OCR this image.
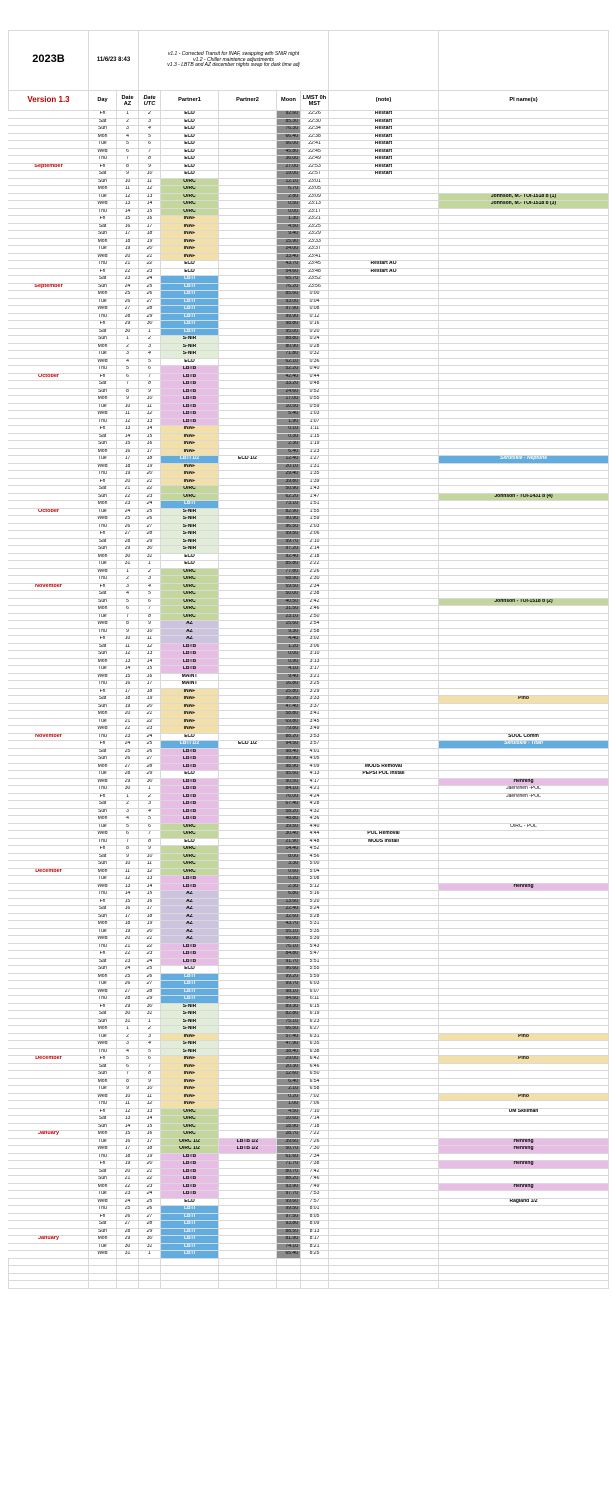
2023B	11/6/23 8:43		v1.1 - Corrected Transit for INAF, swapping with SNIR night
v1.2 - Chiller maintence adjustments
v1.3 - LBTB and AZ december nights swap for dark time adj						

Version 1.3	Day	Date AZ	Date UTC	Partner1	Partner2	Moon	LMST 0h MST	(note)	PI name(s)
	Fri	1	2	ECD		92.60	22:26	Restart	
	Sat	2	3	ECD		85.30	22:30	Restart	
	Sun	3	4	ECD		76.30	22:34	Restart	
	Mon	4	5	ECD		66.40	22:38	Restart	
	Tue	5	6	ECD		56.00	22:41	Restart	
	Wed	6	7	ECD		45.80	22:45	Restart	
	Thu	7	8	ECD		36.00	22:49	Restart	
September	Fri	8	9	ECD		27.00	22:53	Restart	
	Sat	9	10	ECD		19.00	22:57	Restart	
	Sun	10	11	O/RC		12.10	23:01		
	Mon	11	12	O/RC		6.70	23:05		
	Tue	12	13	O/RC		2.80	23:09		Johnson, M.- TOI-1518 b (1)
	Wed	13	14	O/RC		0.50	23:13		Johnson, M.- TOI-1518 b (3)
	Thu	14	15	O/RC		0.00	23:17		
	Fri	15	16	INAF		1.30	23:21		
	Sat	16	17	INAF		4.50	23:25		
	Sun	17	18	INAF		9.40	23:29		
	Mon	18	19	INAF		15.90	23:33		
	Tue	19	20	INAF		24.00	23:37		
	Wed	20	21	INAF		33.40	23:41		
	Thu	21	22	ECD		43.70	23:45	Restart AO	
	Fri	22	23	ECD		54.60	23:48	Restart AO	
	Sat	23	24	LBTI		65.70	23:52		
September	Sun	24	25	LBTI		76.20	23:56		
	Mon	25	26	LBTI		85.60	0:00		
	Tue	26	27	LBTI		93.00	0:04		
	Wed	27	28	LBTI		97.90	0:08		
	Thu	28	29	LBTI		99.90	0:12		
	Fri	29	30	LBTI		98.80	0:16		
	Sat	30	1	LBTI		95.00	0:20		
	Sun	1	2	S-NIR		88.80	0:24		
	Mon	2	3	S-NIR		80.90	0:28		
	Tue	3	4	S-NIR		71.80	0:32		
	Wed	4	5	ECD		62.10	0:36		
	Thu	5	6	LBTB		52.20	0:40		
October	Fri	6	7	LBTB		42.40	0:44		
	Sat	7	8	LBTB		33.20	0:48		
	Sun	8	9	LBTB		24.60	0:52		
	Mon	9	10	LBTB		17.00	0:55		
	Tue	10	11	LBTB		10.50	0:59		
	Wed	11	12	LBTB		5.40	1:03		
	Thu	12	13	LBTB		1.90	1:07		
	Fri	13	14	INAF		0.10	1:11		
	Sat	14	15	INAF		0.30	1:15		
	Sun	15	16	INAF		2.30	1:19		
	Mon	16	17	INAF		6.40	1:23		
	Tue	17	18	LBTI 1/2	ECD 1/2	12.40	1:27		Skrutskie - Neptune
	Wed	18	19	INAF		20.10	1:31		
	Thu	19	20	INAF		29.40	1:35		
	Fri	20	21	INAF		39.80	1:39		
	Sat	21	22	O/RC		50.90	1:43		
	Sun	22	23	O/RC		62.20	1:47		Johnson - TOI-1431 b (4)
	Mon	23	24	LBTI		73.10	1:51		
October	Tue	24	25	S-NIR		82.90	1:55		
	Wed	25	26	S-NIR		90.90	1:59		
	Thu	26	27	S-NIR		96.50	2:03		
	Fri	27	28	S-NIR		99.50	2:06		
	Sat	28	29	S-NIR		99.70	2:10		
	Sun	29	30	S-NIR		97.20	2:14		
	Mon	30	31	ECD		92.40	2:18		
	Tue	31	1	ECD		85.80	2:22		
	Wed	1	2	O/RC		77.80	2:26		
	Thu	2	3	O/RC		68.90	2:30		
November	Fri	3	4	O/RC		59.50	2:34		
	Sat	4	5	O/RC		50.00	2:38		
	Sun	5	6	O/RC		40.50	2:42		Johnson - TOI-1518 b (2)
	Mon	6	7	O/RC		31.50	2:46		
	Tue	7	8	O/RC		23.10	2:50		
	Wed	8	9	AZ		15.60	2:54		
	Thu	9	10	AZ		9.30	2:58		
	Fri	10	11	AZ		4.40	3:02		
	Sat	11	12	LBTB		1.20	3:06		
	Sun	12	13	LBTB		0.00	3:10		
	Mon	13	14	LBTB		0.90	3:13		
	Tue	14	15	LBTB		4.10	3:17		
	Wed	15	16	MAINT		9.40	3:21		
	Thu	16	17	MAINT		16.80	3:25		
	Fri	17	18	INAF		25.80	3:29		
	Sat	18	19	INAF		36.20	3:33		Pino
	Sun	19	20	INAF		47.40	3:37		
	Mon	20	21	INAF		58.80	3:41		
	Tue	21	22	INAF		69.80	3:45		
	Wed	22	23	INAF		79.80	3:49		
November	Thu	23	24	ECD		88.20	3:53		SOUL Comm
	Fri	24	25	LBTI 1/2	ECD 1/2	94.50	3:57		Skrutskie - Titan
	Sat	25	26	LBTB		98.40	4:01		
	Sun	26	27	LBTB		99.90	4:05		
	Mon	27	28	LBTB		98.90	4:09	MODS Removal	
	Tue	28	29	ECD		95.60	4:13	PEPSI POL Install	
	Wed	29	30	LBTB		90.50	4:17		Henning
	Thu	30	1	LBTB		84.10	4:21		Jaervinen -POL
	Fri	1	2	LBTB		76.00	4:24		Jaervinen -POL
	Sat	2	3	LBTB		67.40	4:28		
	Sun	3	4	LBTB		58.20	4:32		
	Mon	4	5	LBTB		48.80	4:36		
	Tue	5	6	O/RC		39.50	4:40		O/RC - POL
	Wed	6	7	O/RC		30.40	4:44	POL Removal	
	Thu	7	8	ECD		21.90	4:48	MODS Install	
	Fri	8	9	O/RC		14.40	4:52		
	Sat	9	10	O/RC		8.00	4:56		
	Sun	10	11	O/RC		3.30	5:00		
December	Mon	11	12	O/RC		0.60	5:04		
	Tue	12	13	LBTB		0.20	5:08		
	Wed	13	14	LBTB		2.30	5:12		Henning
	Thu	14	15	AZ		6.80	5:16		
	Fri	15	16	AZ		13.60	5:20		
	Sat	16	17	AZ		22.40	5:24		
	Sun	17	18	AZ		32.60	5:28		
	Mon	18	19	AZ		43.70	5:31		
	Tue	19	20	AZ		55.10	5:35		
	Wed	20	21	AZ		66.00	5:39		
	Thu	21	22	LBTB		76.10	5:43		
	Fri	22	23	LBTB		84.80	5:47		
	Sat	23	24	LBTB		91.70	5:51		
	Sun	24	25	ECD		96.60	5:55		
	Mon	25	26	LBTI		99.20	5:59		
	Tue	26	27	LBTI		99.70	6:03		
	Wed	27	28	LBTI		98.10	6:07		
	Thu	28	29	LBTI		94.50	6:11		
	Fri	29	30	S-NIR		89.30	6:15		
	Sat	30	31	S-NIR		82.80	6:19		
	Sun	31	1	S-NIR		75.10	6:23		
	Mon	1	2	S-NIR		66.50	6:27		
	Tue	2	3	INAF		57.40	6:31		Pino
	Wed	3	4	S-NIR		47.90	6:35		
	Thu	4	5	S-NIR		38.40	6:38		
December	Fri	5	6	INAF		29.00	6:42		Pino
	Sat	6	7	INAF		20.30	6:46		
	Sun	7	8	INAF		12.60	6:50		
	Mon	8	9	INAF		6.40	6:54		
	Tue	9	10	INAF		2.10	6:58		
	Wed	10	11	INAF		0.20	7:02		Pino
	Thu	11	12	INAF		1.00	7:06		
	Fri	12	13	O/RC		4.50	7:10		UM Skillman
	Sat	13	14	O/RC		10.60	7:14		
	Sun	14	15	O/RC		18.90	7:18		
January	Mon	15	16	O/RC		28.70	7:22		
	Tue	16	17	O/RC 1/2	LBTB 1/2	39.60	7:26		Henning
	Wed	17	18	O/RC 1/2	LBTB 1/2	50.70	7:30		Henning
	Thu	18	19	LBTB		61.60	7:34		
	Fri	19	20	LBTB		71.70	7:38		Henning
	Sat	20	21	LBTB		80.70	7:42		
	Sun	21	22	LBTB		88.20	7:46		
	Mon	22	23	LBTB		93.90	7:49		Henning
	Tue	23	24	LBTB		97.70	7:53		
	Wed	24	25	ECD		99.60	7:57		Ragland 1/2
	Thu	25	26	LBTI		99.50	8:01		
	Fri	26	27	LBTI		97.50	8:05		
	Sat	27	28	LBTI		93.80	8:09		
	Sun	28	29	LBTI		88.50	8:13		
January	Mon	29	30	LBTI		81.90	8:17		
	Tue	30	31	LBTI		74.10	8:21		
	Wed	31	1	LBTI		65.40	8:25		
